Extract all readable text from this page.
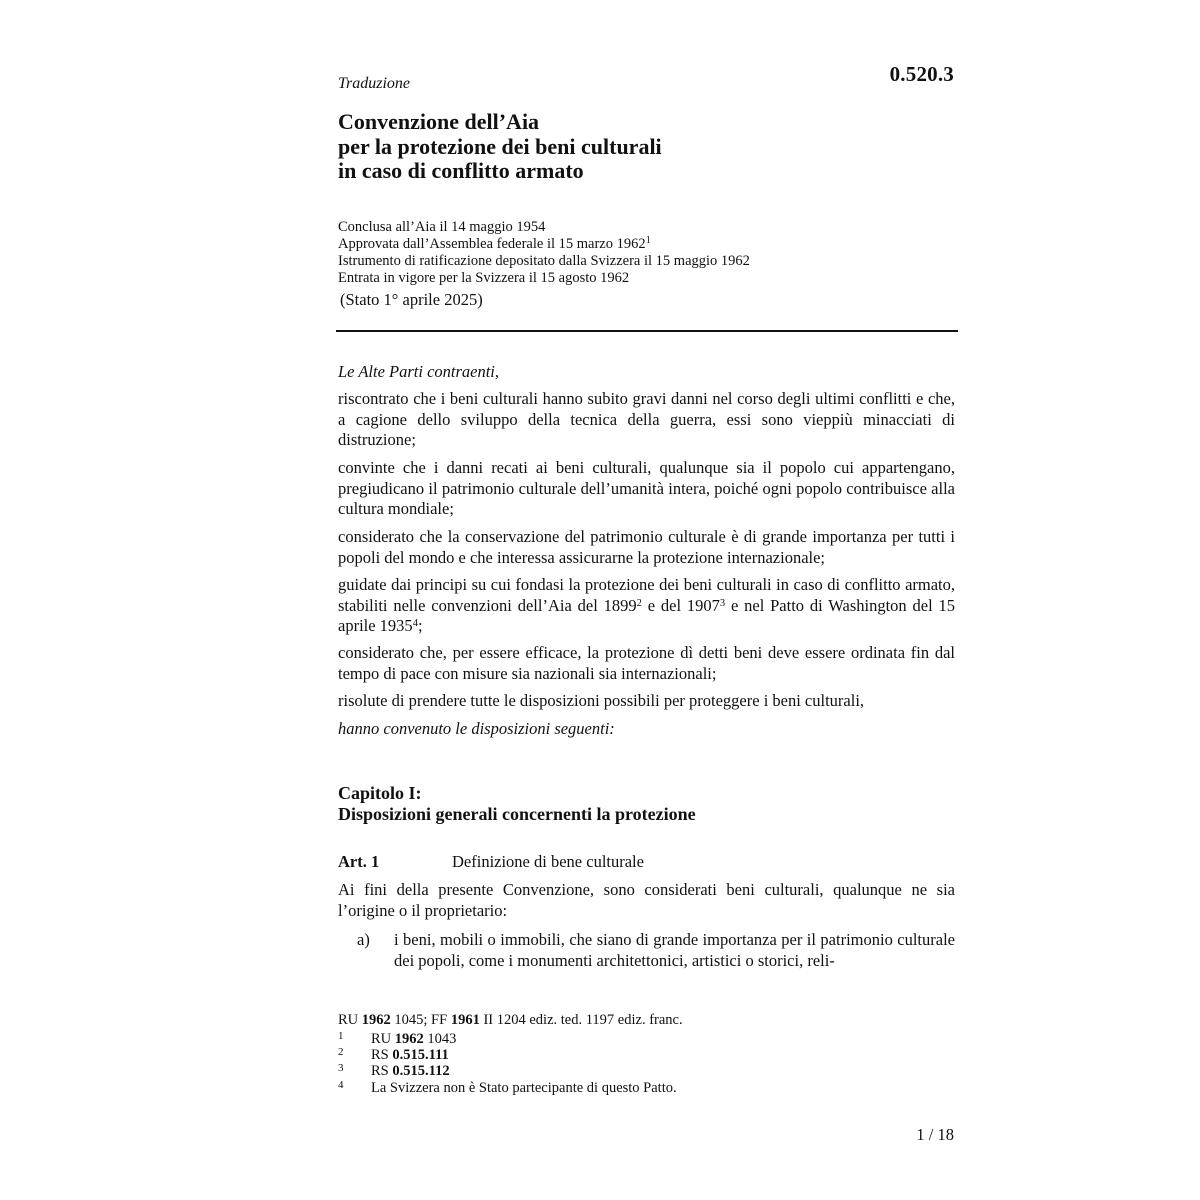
0.520.3
Traduzione
Convenzione dell’Aia
per la protezione dei beni culturali
in caso di conflitto armato
Conclusa all’Aia il 14 maggio 1954
Approvata dall’Assemblea federale il 15 marzo 1962$^1$
Istrumento di ratificazione depositato dalla Svizzera il 15 maggio 1962
Entrata in vigore per la Svizzera il 15 agosto 1962
(Stato 1° aprile 2025)
Le Alte Parti contraenti,
riscontrato che i beni culturali hanno subito gravi danni nel corso degli ultimi conflitti e che, a cagione dello sviluppo della tecnica della guerra, essi sono vieppiù minacciati di distruzione;
convinte che i danni recati ai beni culturali, qualunque sia il popolo cui appartengano, pregiudicano il patrimonio culturale dell’umanità intera, poiché ogni popolo contribuisce alla cultura mondiale;
considerato che la conservazione del patrimonio culturale è di grande importanza per tutti i popoli del mondo e che interessa assicurarne la protezione internazionale;
guidate dai principi su cui fondasi la protezione dei beni culturali in caso di conflitto armato, stabiliti nelle convenzioni dell’Aia del 1899$^2$ e del 1907$^3$ e nel Patto di Washington del 15 aprile 1935$^4$;
considerato che, per essere efficace, la protezione dì detti beni deve essere ordinata fin dal tempo di pace con misure sia nazionali sia internazionali;
risolute di prendere tutte le disposizioni possibili per proteggere i beni culturali,
hanno convenuto le disposizioni seguenti:
Capitolo I:
Disposizioni generali concernenti la protezione
Art. 1	Definizione di bene culturale
Ai fini della presente Convenzione, sono considerati beni culturali, qualunque ne sia l’origine o il proprietario:
a) i beni, mobili o immobili, che siano di grande importanza per il patrimonio culturale dei popoli, come i monumenti architettonici, artistici o storici, reli-
RU 1962 1045; FF 1961 II 1204 ediz. ted. 1197 ediz. franc.
1 RU 1962 1043
2 RS 0.515.111
3 RS 0.515.112
4 La Svizzera non è Stato partecipante di questo Patto.
1 / 18
